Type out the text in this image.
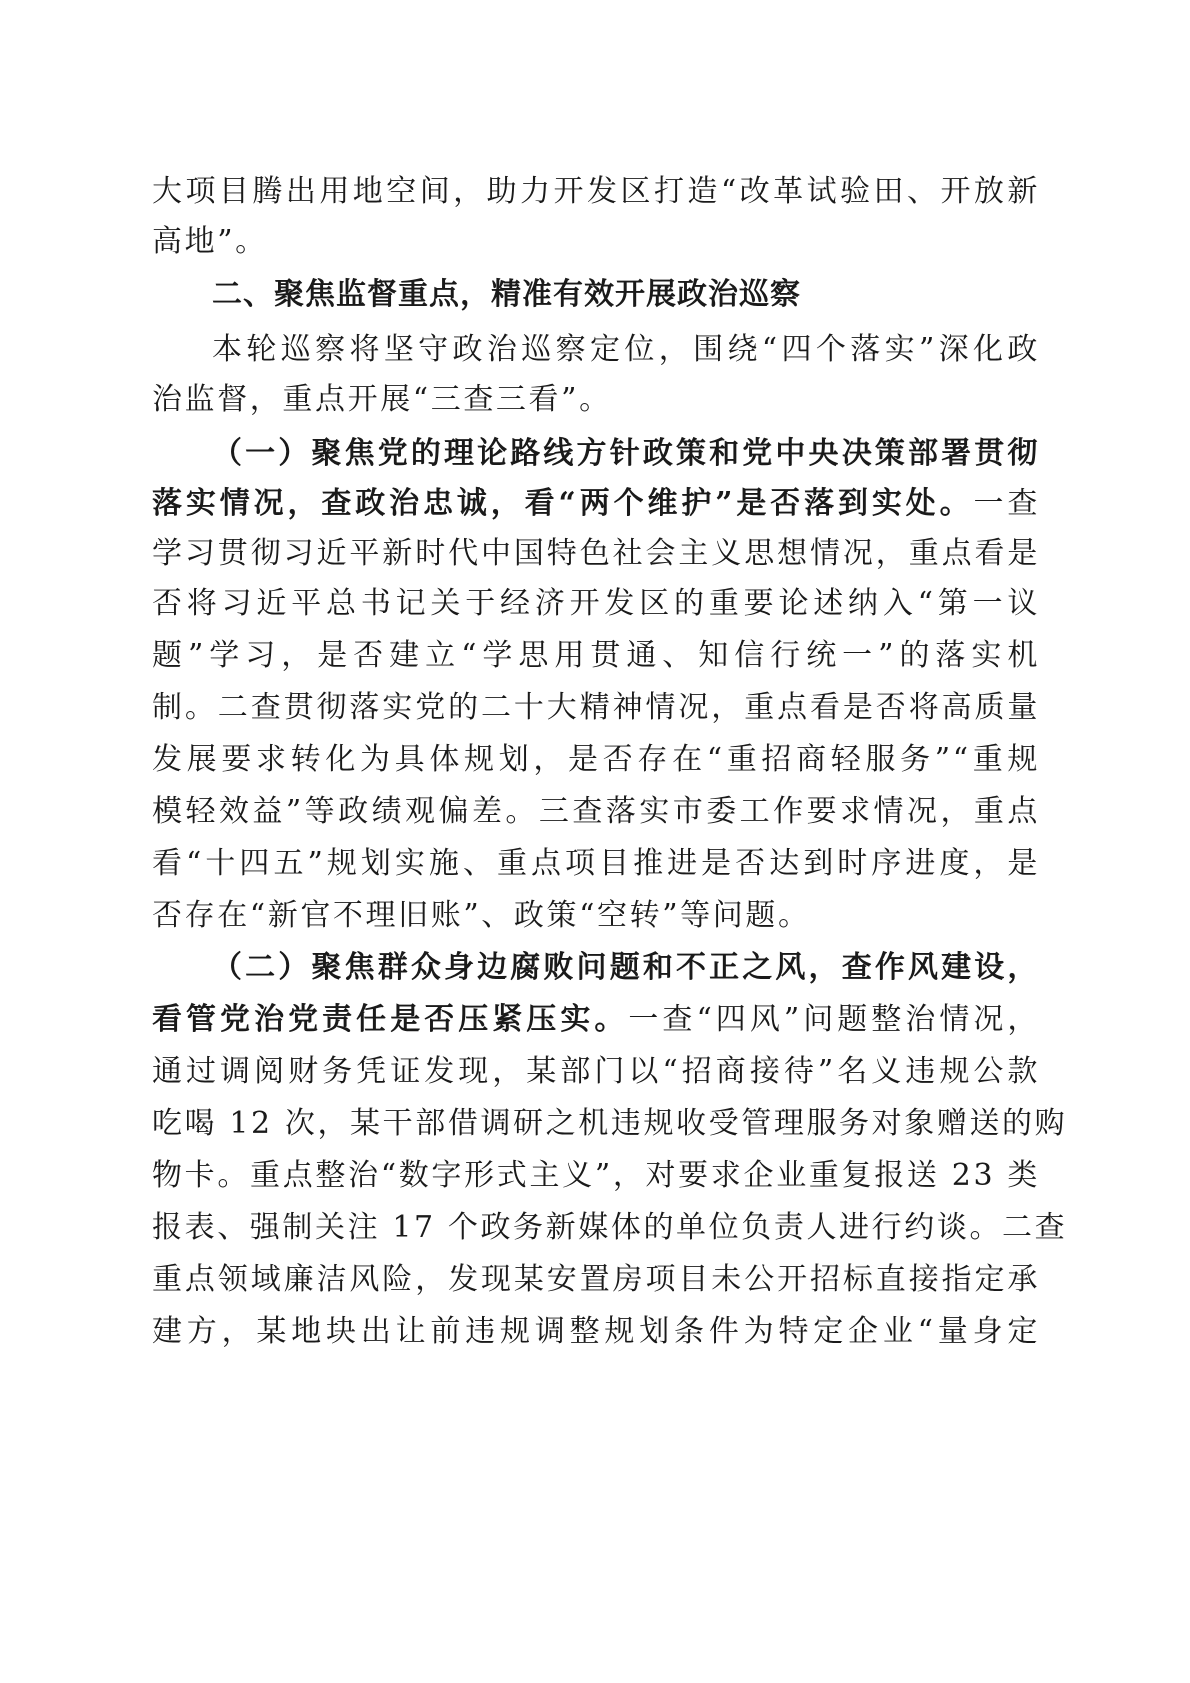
大项目腾出用地空间，助力开发区打造“改革试验田、开放新
高地”。
二、聚焦监督重点，精准有效开展政治巡察
本轮巡察将坚守政治巡察定位，围绕“四个落实”深化政
治监督，重点开展“三查三看”。
（一）聚焦党的理论路线方针政策和党中央决策部署贯彻
落实情况，查政治忠诚，看“两个维护”是否落到实处。一查
学习贯彻习近平新时代中国特色社会主义思想情况，重点看是
否将习近平总书记关于经济开发区的重要论述纳入“第一议
题”学习，是否建立“学思用贯通、知信行统一”的落实机
制。二查贯彻落实党的二十大精神情况，重点看是否将高质量
发展要求转化为具体规划，是否存在“重招商轻服务”“重规
模轻效益”等政绩观偏差。三查落实市委工作要求情况，重点
看“十四五”规划实施、重点项目推进是否达到时序进度，是
否存在“新官不理旧账”、政策“空转”等问题。
（二）聚焦群众身边腐败问题和不正之风，查作风建设，
看管党治党责任是否压紧压实。一查“四风”问题整治情况，
通过调阅财务凭证发现，某部门以“招商接待”名义违规公款
吃喝 12 次，某干部借调研之机违规收受管理服务对象赠送的购
物卡。重点整治“数字形式主义”，对要求企业重复报送 23 类
报表、强制关注 17 个政务新媒体的单位负责人进行约谈。二查
重点领域廉洁风险，发现某安置房项目未公开招标直接指定承
建方，某地块出让前违规调整规划条件为特定企业“量身定
